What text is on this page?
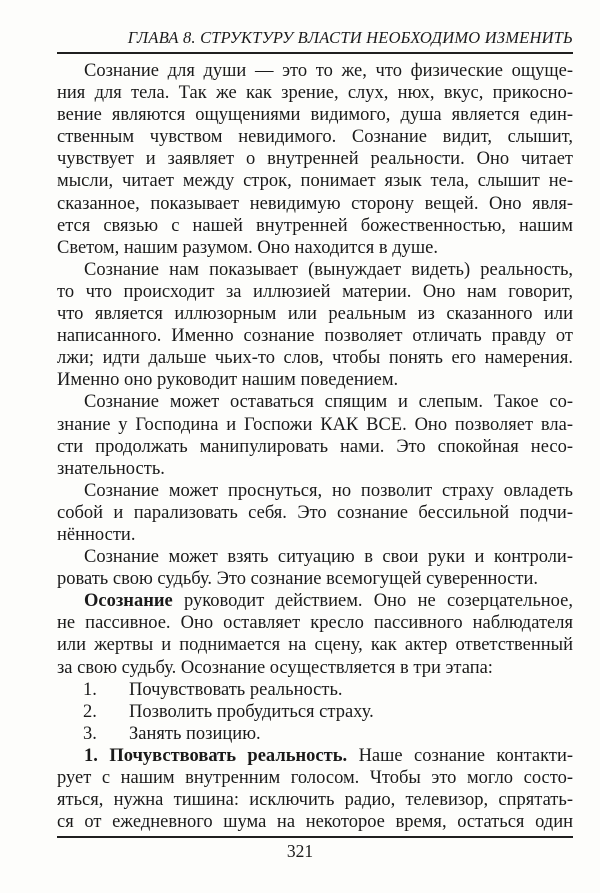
ГЛАВА 8. СТРУКТУРУ ВЛАСТИ НЕОБХОДИМО ИЗМЕНИТЬ
Сознание для души — это то же, что физические ощуще-
ния для тела. Так же как зрение, слух, нюх, вкус, прикосно-
вение являются ощущениями видимого, душа является един-
ственным чувством невидимого. Сознание видит, слышит,
чувствует и заявляет о внутренней реальности. Оно читает
мысли, читает между строк, понимает язык тела, слышит не-
сказанное, показывает невидимую сторону вещей. Оно явля-
ется связью с нашей внутренней божественностью, нашим
Светом, нашим разумом. Оно находится в душе.
Сознание нам показывает (вынуждает видеть) реальность,
то что происходит за иллюзией материи. Оно нам говорит,
что является иллюзорным или реальным из сказанного или
написанного. Именно сознание позволяет отличать правду от
лжи; идти дальше чьих-то слов, чтобы понять его намерения.
Именно оно руководит нашим поведением.
Сознание может оставаться спящим и слепым. Такое со-
знание у Господина и Госпожи КАК ВСЕ. Оно позволяет вла-
сти продолжать манипулировать нами. Это спокойная несо-
знательность.
Сознание может проснуться, но позволит страху овладеть
собой и парализовать себя. Это сознание бессильной подчи-
нённости.
Сознание может взять ситуацию в свои руки и контроли-
ровать свою судьбу. Это сознание всемогущей суверенности.
Осознание руководит действием. Оно не созерцательное,
не пассивное. Оно оставляет кресло пассивного наблюдателя
или жертвы и поднимается на сцену, как актер ответственный
за свою судьбу. Осознание осуществляется в три этапа:
1. Почувствовать реальность.
2. Позволить пробудиться страху.
3. Занять позицию.
1. Почувствовать реальность. Наше сознание контакти-
рует с нашим внутренним голосом. Чтобы это могло состо-
яться, нужна тишина: исключить радио, телевизор, спрятать-
ся от ежедневного шума на некоторое время, остаться один
321
